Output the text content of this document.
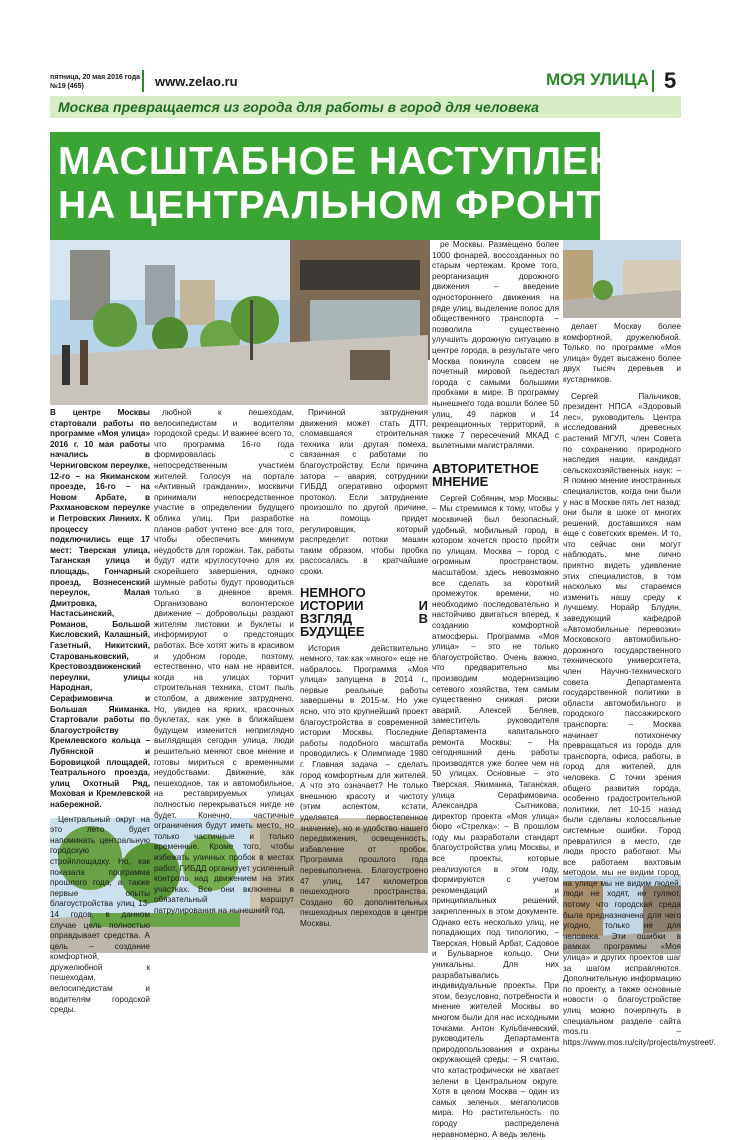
пятница, 20 мая 2016 года
№19 (465)	www.zelao.ru	МОЯ УЛИЦА 5
Москва превращается из города для работы в город для человека
МАСШТАБНОЕ НАСТУПЛЕНИЕ
НА ЦЕНТРАЛЬНОМ ФРОНТЕ

В центре Москвы стартовали работы по программе «Моя улица» 2016 г. 10 мая работы начались в Черниговском переулке, 12-го – на Якиманском проезде, 16-го – на Новом Арбате, в Рахмановском переулке и Петровских Линиях. К процессу подключились еще 17 мест: Тверская улица, Таганская улица и площадь, Гончарный проезд, Вознесенский переулок, Малая Дмитровка, Настасьинский, Романов, Большой Кисловский, Калашный, Газетный, Никитский, Старованьковский, Крестовоздвиженский переулки, улицы Народная, Серафимовича и Большая Якиманка. Стартовали работы по благоустройству Кремлевского кольца – Лубянской и Боровицкой площадей, Театрального проезда, улиц Охотный Ряд, Моховая и Кремлевской набережной.

Центральный округ на это лето будет напоминать центральную городскую стройплощадку. Но, как показала программа прошлого года, а также первые опыты благоустройства улиц 13-14 годов, в данном случае цель полностью оправдывает средства. А цель – создание комфортной, дружелюбной к пешеходам, велосипедистам и водителям городской среды.

любной к пешеходам, велосипедистам и водителям городской среды. И важнее всего то, что программа 16-го года формировалась с непосредственным участием жителей. Голосуя на портале «Активный гражданин», москвичи принимали непосредственное участие в определении будущего облика улиц. При разработке планов работ учтено все для того, чтобы обеспечить минимум неудобств для горожан. Так, работы будут идти круглосуточно для их скорейшего завершения, однако шумные работы будут проводиться только в дневное время. Организовано волонтерское движение – добровольцы раздают жителям листовки и буклеты и информируют о предстоящих работах. Все хотят жить в красивом и удобном городе, поэтому, естественно, что нам не нравится, когда на улицах торчит строительная техника, стоит пыль столбом, а движение затруднено. Но, увидев на ярких, красочных буклетах, как уже в ближайшем будущем изменится неприглядно выглядящая сегодня улица, люди решительно меняют свое мнение и готовы мириться с временными неудобствами. Движение, как пешеходное, так и автомобильное, на реставрируемых улицах полностью перекрываться нигде не будет. Конечно, частичные ограничения будут иметь место, но только частичные и только временные. Кроме того, чтобы избежать уличных пробок в местах работ, ГИБДД организует усиленный контроль над движением на этих участках. Все они включены в обязательный маршрут патрулирования на нынешний год.

Причиной затруднения движения может стать ДТП, сломавшаяся строительная техника или другая помеха, связанная с работами по благоустройству. Если причина затора – авария, сотрудники ГИБДД оперативно оформят протокол. Если затруднение произошло по другой причине, на помощь придет регулировщик, который распределит потоки машин таким образом, чтобы пробка рассосалась в кратчайшие сроки.

НЕМНОГО ИСТОРИИ И ВЗГЛЯД В БУДУЩЕЕ

История действительно немного, так как «много» еще не набралось. Программа «Моя улица» запущена в 2014 г., первые реальные работы завершены в 2015-м. Но уже ясно, что это крупнейший проект благоустройства в современной истории Москвы. Последние работы подобного масштаба проводились к Олимпиаде 1980 г. Главная задача – сделать город комфортным для жителей. А что это означает? Не только внешнюю красоту и чистоту (этим аспектом, кстати, уделяется первостепенное значение), но и удобство нашего передвижения, освещенность, избавление от пробок. Программа прошлого года перевыполнена. Благоустроено 47 улиц, 147 километров пешеходного пространства. Создано 60 дополнительных пешеходных переходов в центре Москвы.

ре Москвы. Размещено более 1000 фонарей, воссозданных по старым чертежам. Кроме того, реорганизация дорожного движения – введение одностороннего движения на ряде улиц, выделение полос для общественного транспорта – позволила существенно улучшить дорожную ситуацию в центре города, в результате чего Москва покинула совсем не почетный мировой пьедестал города с самыми большими пробками в мире. В программу нынешнего года вошли более 50 улиц, 49 парков и 14 рекреационных территорий, а также 7 пересечений МКАД с вылетными магистралями.

АВТОРИТЕТНОЕ МНЕНИЕ

Сергей Собянин, мэр Москвы: – Мы стремимся к тому, чтобы у москвичей был безопасный, удобный, мобильный город, в котором хочется просто пройти по улицам. Москва – город с огромным пространством, масштабом, здесь невозможно все сделать за короткий промежуток времени, но необходимо последовательно и настойчиво двигаться вперед, к созданию комфортной атмосферы. Программа «Моя улица» – это не только благоустройство. Очень важно, что предварительно мы производим модернизацию сетевого хозяйства, тем самым существенно снижая риски аварий. Алексей Беляев, заместитель руководителя Департамента капитального ремонта Москвы: – На сегодняшний день работы производятся уже более чем на 50 улицах. Основные – это Тверская, Якиманка, Таганская, улица Серафимовича. Александра Сытникова, директор проекта «Моя улица» бюро «Стрелка»: – В прошлом году мы разработали стандарт благоустройства улиц Москвы, и все проекты, которые реализуются в этом году, формируются с учетом рекомендаций и принципиальных решений, закрепленных в этом документе. Однако есть несколько улиц, не попадающих под типологию, – Тверская, Новый Арбат, Садовое и Бульварное кольцо. Они уникальны. Для них разрабатывались индивидуальные проекты. При этом, безусловно, потребности и мнение жителей Москвы во многом были для нас исходными точками. Антон Кульбачевский, руководитель Департамента природопользования и охраны окружающей среды: – Я считаю, что катастрофически не хватает зелени в Центральном округе. Хотя в целом Москва – один из самых зеленых мегаполисов мира. Но растительность по городу распределена неравномерно. А ведь зелень

делает Москву более комфортной, дружелюбной. Только по программе «Моя улица» будет высажено более двух тысяч деревьев и кустарников.

Сергей Пальчиков, президент НПСА «Здоровый лес», руководитель Центра исследований древесных растений МГУЛ, член Совета по сохранению природного наследия нации, кандидат сельскохозяйственных наук: – Я помню мнение иностранных специалистов, когда они были у нас в Москве пять лет назад: они были в шоке от многих решений, доставшихся нам еще с советских времен. И то, что сейчас они могут наблюдать, мне лично приятно видеть удивление этих специалистов, в том насколько мы стараемся изменить нашу среду к лучшему. Норайр Блудян, заведующий кафедрой «Автомобильные перевозки» Московского автомобильно-дорожного государственного технического университета, член Научно-технического совета Департамента государственной политики в области автомобильного и городского пассажирского транспорта: – Москва начинает потихонечку превращаться из города для транспорта, офиса, работы, в город для жителей, для человека. С точки зрения общего развития города, особенно градостроительной политики, лет 10-15 назад были сделаны колоссальные системные ошибки. Город превратился в место, где люди просто работают. Мы все работаем вахтовым методом, мы не видим город, на улице мы не видим людей, люди не ходят, не гуляют, потому что городская среда была предназначена для чего угодно, только не для человека. Эти ошибки в рамках программы «Моя улица» и других проектов шаг за шагом исправляются. Дополнительную информацию по проекту, а также основные новости о благоустройстве улиц можно почерпнуть в специальном разделе сайта mos.ru – https://www.mos.ru/city/projects/mystreet/.
